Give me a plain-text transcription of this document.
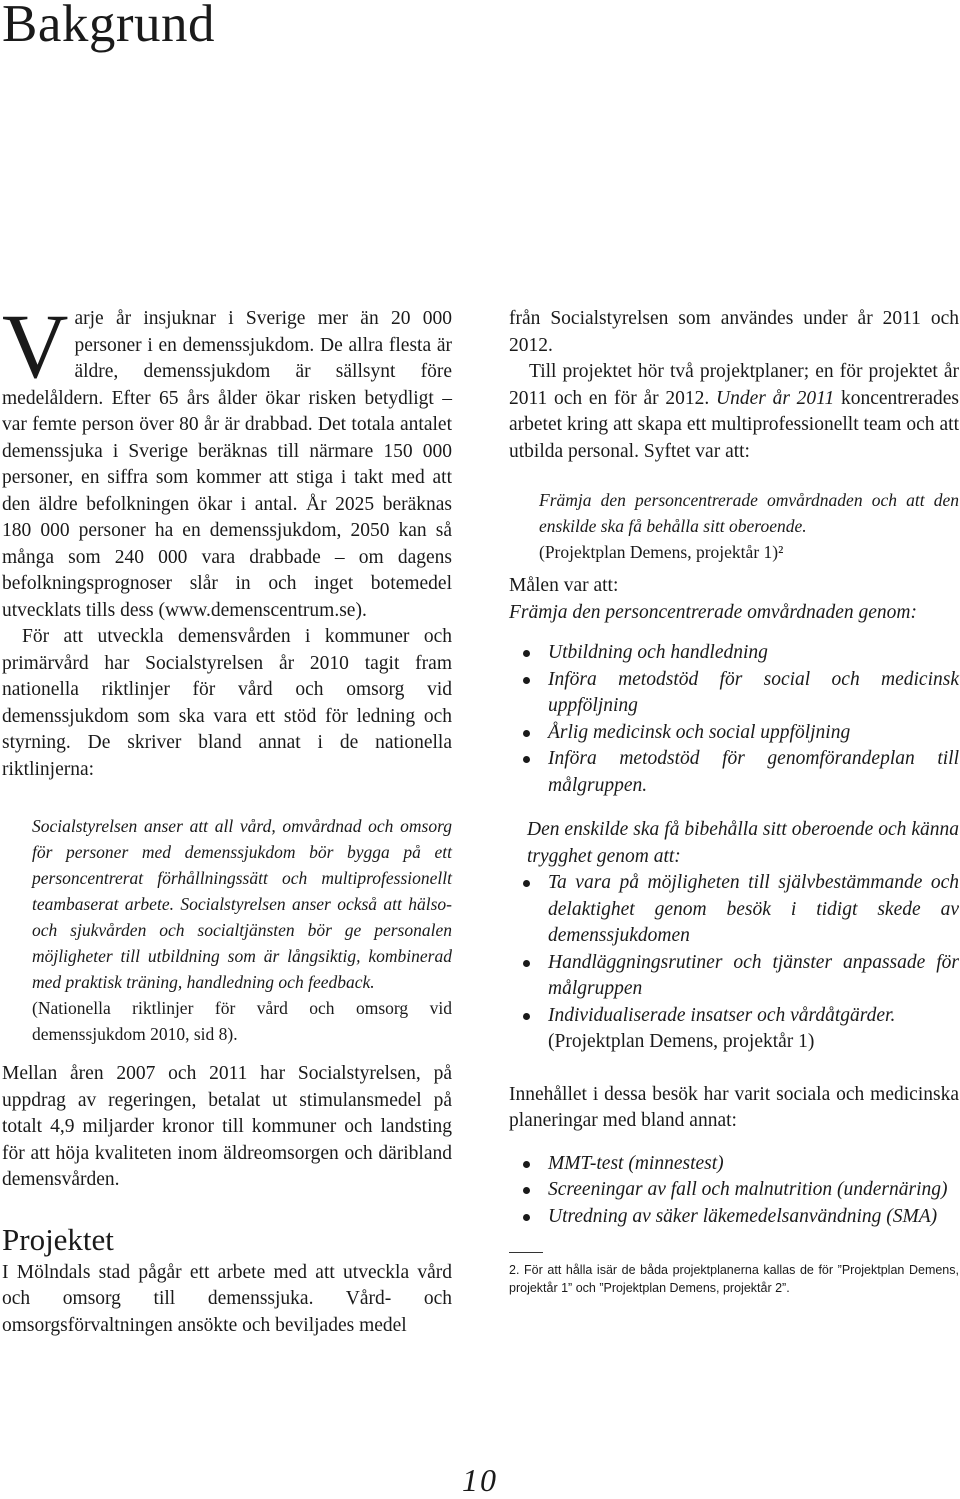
Bakgrund
V arje år insjuknar i Sverige mer än 20 000 personer i en demenssjukdom. De allra flesta är äldre, demenssjukdom är sällsynt före medelåldern. Efter 65 års ålder ökar risken betydligt – var femte person över 80 år är drabbad. Det totala antalet demenssjuka i Sverige beräknas till närmare 150 000 personer, en siffra som kommer att stiga i takt med att den äldre befolkningen ökar i antal. År 2025 beräknas 180 000 personer ha en demenssjukdom, 2050 kan så många som 240 000 vara drabbade – om dagens befolkningsprognoser slår in och inget botemedel utvecklats tills dess (www.demenscentrum.se).

För att utveckla demensvården i kommuner och primärvård har Socialstyrelsen år 2010 tagit fram nationella riktlinjer för vård och omsorg vid demenssjukdom som ska vara ett stöd för ledning och styrning. De skriver bland annat i de nationella riktlinjerna:

Socialstyrelsen anser att all vård, omvårdnad och omsorg för personer med demenssjukdom bör bygga på ett personcentrerat förhållningssätt och multiprofessionellt teambaserat arbete. Socialstyrelsen anser också att hälso- och sjukvården och socialtjänsten bör ge personalen möjligheter till utbildning som är långsiktig, kombinerad med praktisk träning, handledning och feedback.

(Nationella riktlinjer för vård och omsorg vid demenssjukdom 2010, sid 8).

Mellan åren 2007 och 2011 har Socialstyrelsen, på uppdrag av regeringen, betalat ut stimulansmedel på totalt 4,9 miljarder kronor till kommuner och landsting för att höja kvaliteten inom äldreomsorgen och däribland demensvården.

Projektet

I Mölndals stad pågår ett arbete med att utveckla vård och omsorg till demenssjuka. Vård- och omsorgsförvaltningen ansökte och beviljades medel

från Socialstyrelsen som användes under år 2011 och 2012.

Till projektet hör två projektplaner; en för projektet år 2011 och en för år 2012. Under år 2011 koncentrerades arbetet kring att skapa ett multiprofessionellt team och att utbilda personal. Syftet var att:

Främja den personcentrerade omvårdnaden och att den enskilde ska få behålla sitt oberoende.

(Projektplan Demens, projektår 1)²

Målen var att:

Främja den personcentrerade omvårdnaden genom:

Utbildning och handledning
Införa metodstöd för social och medicinsk uppföljning
Årlig medicinsk och social uppföljning
Införa metodstöd för genomförandeplan till målgruppen.

Den enskilde ska få bibehålla sitt oberoende och känna trygghet genom att:

Ta vara på möjligheten till självbestämmande och delaktighet genom besök i tidigt skede av demenssjukdomen
Handläggningsrutiner och tjänster anpassade för målgruppen
Individualiserade insatser och vårdåtgärder.

(Projektplan Demens, projektår 1)

Innehållet i dessa besök har varit sociala och medicinska planeringar med bland annat:

MMT-test (minnestest)
Screeningar av fall och malnutrition (undernäring)
Utredning av säker läkemedelsanvändning (SMA)

2. För att hålla isär de båda projektplanerna kallas de för ”Projektplan Demens, projektår 1” och ”Projektplan Demens, projektår 2”.

10
